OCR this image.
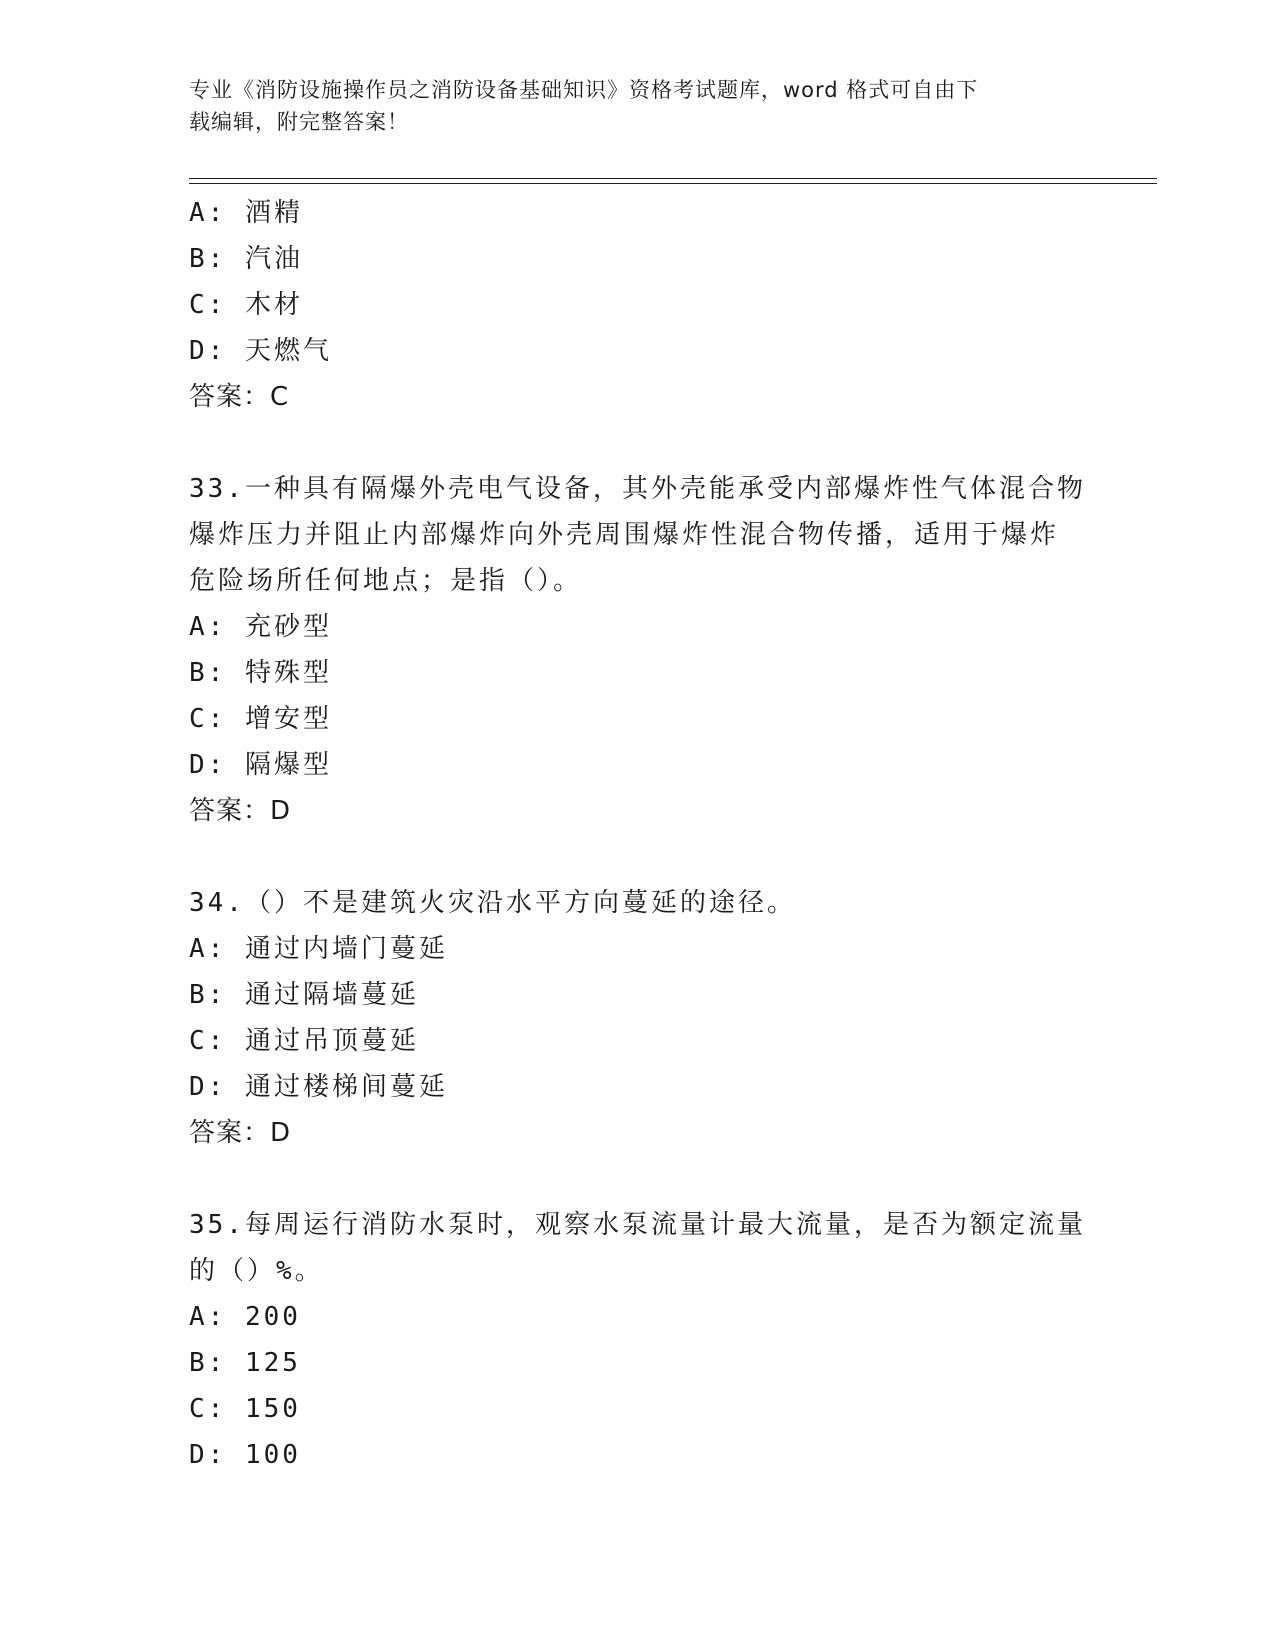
专业《消防设施操作员之消防设备基础知识》资格考试题库，word 格式可自由下
载编辑，附完整答案！
A: 酒精
B: 汽油
C: 木材
D: 天燃气
答案：C
33.一种具有隔爆外壳电气设备，其外壳能承受内部爆炸性气体混合物
爆炸压力并阻止内部爆炸向外壳周围爆炸性混合物传播，适用于爆炸
危险场所任何地点；是指（）。
A: 充砂型
B: 特殊型
C: 增安型
D: 隔爆型
答案：D
34.（）不是建筑火灾沿水平方向蔓延的途径。
A: 通过内墙门蔓延
B: 通过隔墙蔓延
C: 通过吊顶蔓延
D: 通过楼梯间蔓延
答案：D
35.每周运行消防水泵时，观察水泵流量计最大流量，是否为额定流量
的（）%。
A: 200
B: 125
C: 150
D: 100
